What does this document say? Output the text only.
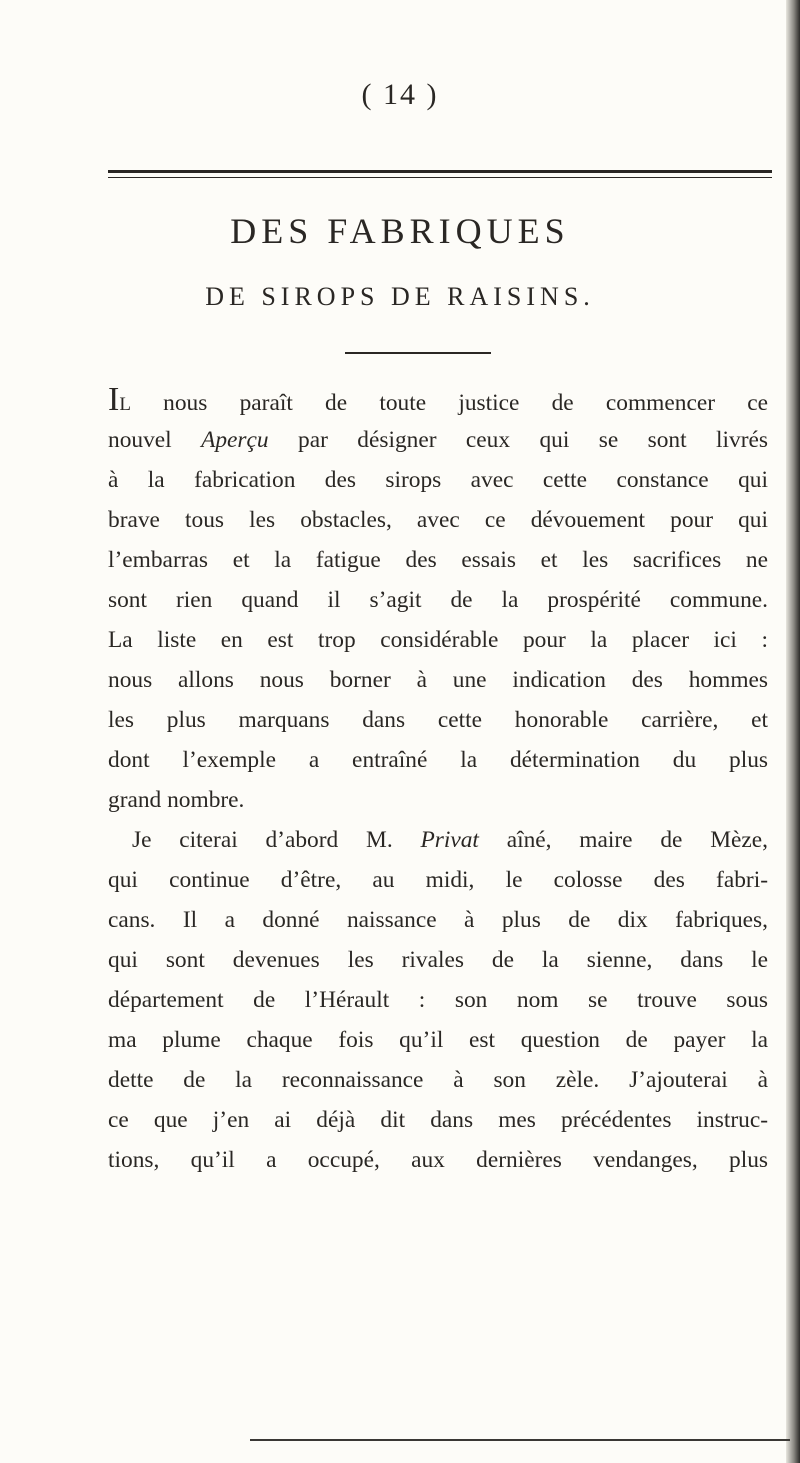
( 14 )
DES FABRIQUES
DE SIROPS DE RAISINS.
IL nous paraît de toute justice de commencer ce
nouvel Aperçu par désigner ceux qui se sont livrés
à la fabrication des sirops avec cette constance qui
brave tous les obstacles, avec ce dévouement pour qui
l’embarras et la fatigue des essais et les sacrifices ne
sont rien quand il s’agit de la prospérité commune.
La liste en est trop considérable pour la placer ici :
nous allons nous borner à une indication des hommes
les plus marquans dans cette honorable carrière, et
dont l’exemple a entraîné la détermination du plus
grand nombre.
Je citerai d’abord M. Privat aîné, maire de Mèze,
qui continue d’être, au midi, le colosse des fabri-
cans. Il a donné naissance à plus de dix fabriques,
qui sont devenues les rivales de la sienne, dans le
département de l’Hérault : son nom se trouve sous
ma plume chaque fois qu’il est question de payer la
dette de la reconnaissance à son zèle. J’ajouterai à
ce que j’en ai déjà dit dans mes précédentes instruc-
tions, qu’il a occupé, aux dernières vendanges, plus
